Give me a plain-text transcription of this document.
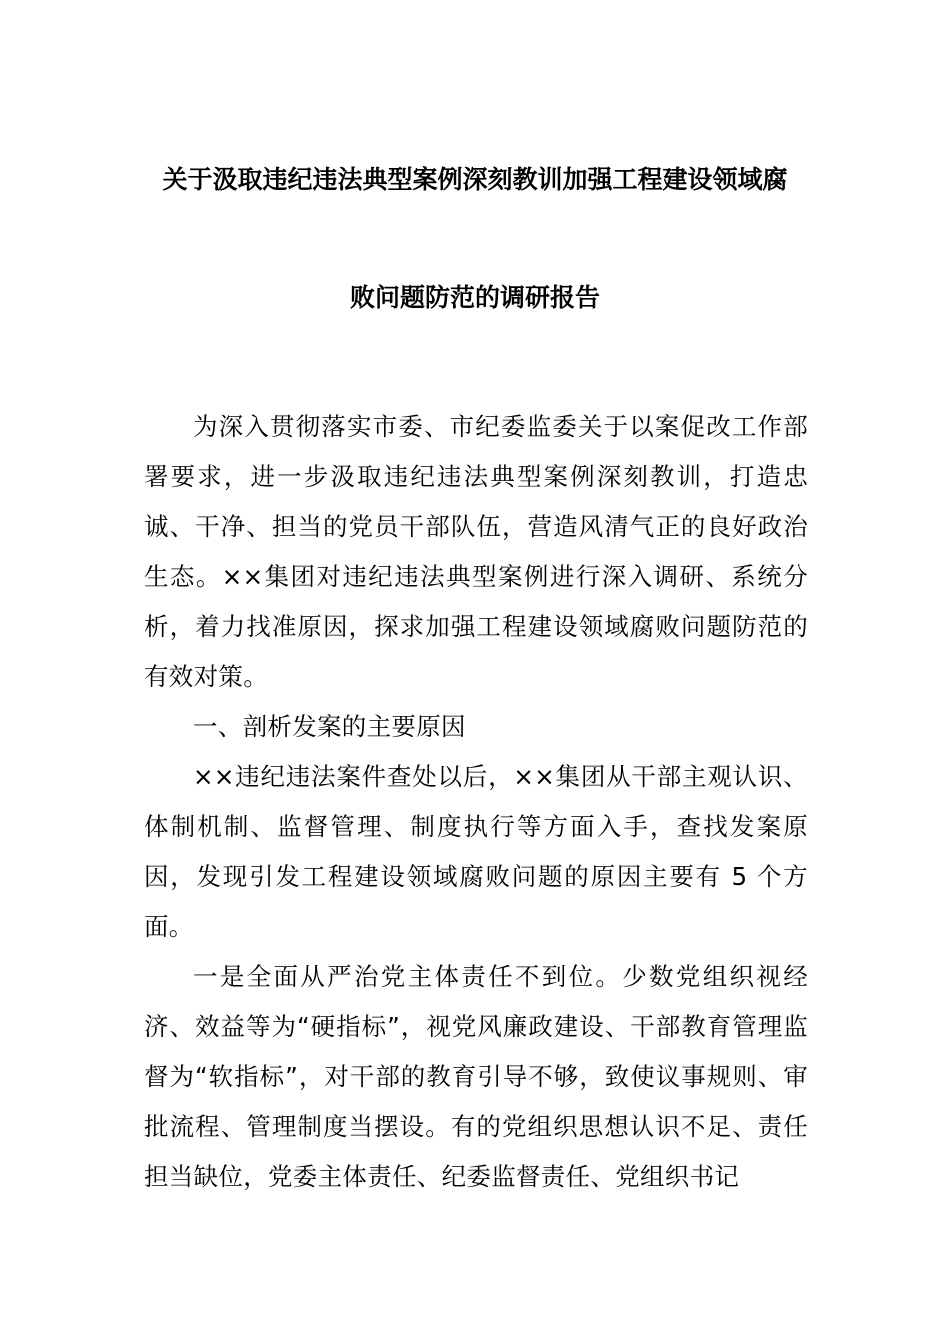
关于汲取违纪违法典型案例深刻教训加强工程建设领域腐
败问题防范的调研报告

为深入贯彻落实市委、市纪委监委关于以案促改工作部署要求，进一步汲取违纪违法典型案例深刻教训，打造忠诚、干净、担当的党员干部队伍，营造风清气正的良好政治生态。××集团对违纪违法典型案例进行深入调研、系统分析，着力找准原因，探求加强工程建设领域腐败问题防范的有效对策。

一、剖析发案的主要原因

××违纪违法案件查处以后，××集团从干部主观认识、体制机制、监督管理、制度执行等方面入手，查找发案原因，发现引发工程建设领域腐败问题的原因主要有 5 个方面。

一是全面从严治党主体责任不到位。少数党组织视经济、效益等为“硬指标”，视党风廉政建设、干部教育管理监督为“软指标”，对干部的教育引导不够，致使议事规则、审批流程、管理制度当摆设。有的党组织思想认识不足、责任担当缺位，党委主体责任、纪委监督责任、党组织书记
